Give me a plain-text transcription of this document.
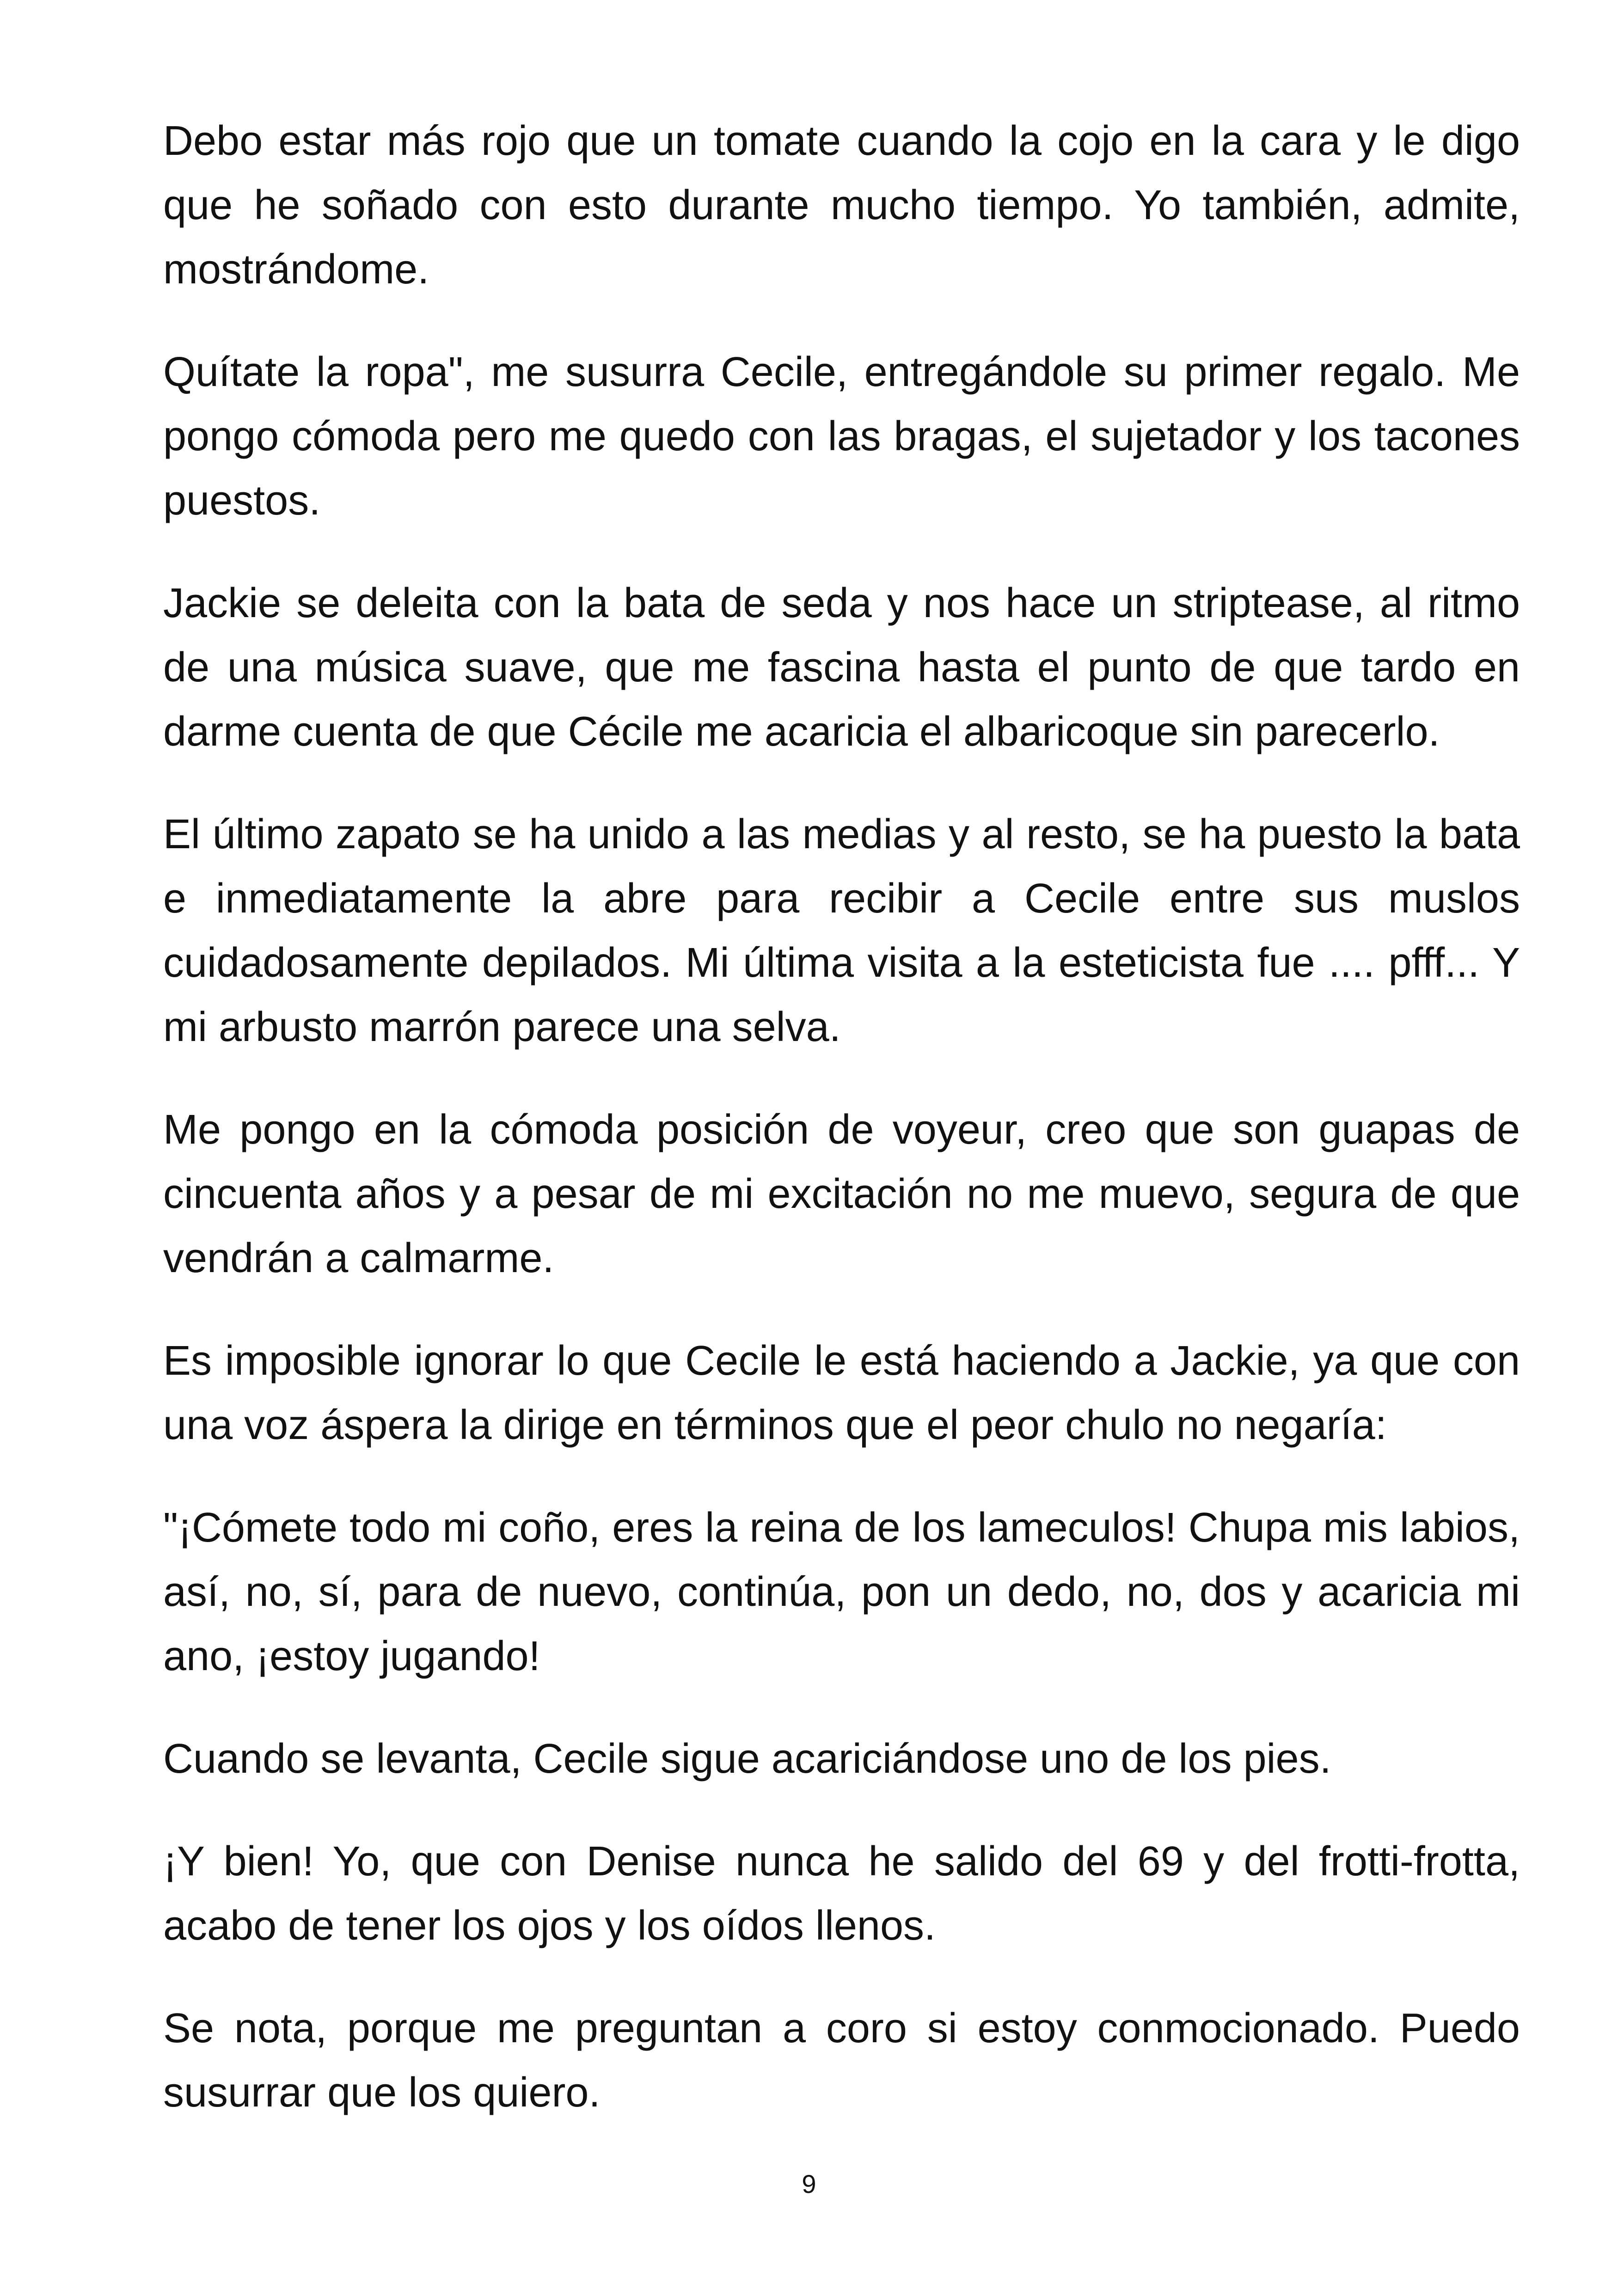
Debo estar más rojo que un tomate cuando la cojo en la cara y le digo que he soñado con esto durante mucho tiempo. Yo también, admite, mostrándome.

Quítate la ropa", me susurra Cecile, entregándole su primer regalo. Me pongo cómoda pero me quedo con las bragas, el sujetador y los tacones puestos.

Jackie se deleita con la bata de seda y nos hace un striptease, al ritmo de una música suave, que me fascina hasta el punto de que tardo en darme cuenta de que Cécile me acaricia el albaricoque sin parecerlo.

El último zapato se ha unido a las medias y al resto, se ha puesto la bata e inmediatamente la abre para recibir a Cecile entre sus muslos cuidadosamente depilados. Mi última visita a la esteticista fue .... pfff... Y mi arbusto marrón parece una selva.

Me pongo en la cómoda posición de voyeur, creo que son guapas de cincuenta años y a pesar de mi excitación no me muevo, segura de que vendrán a calmarme.

Es imposible ignorar lo que Cecile le está haciendo a Jackie, ya que con una voz áspera la dirige en términos que el peor chulo no negaría:

"¡Cómete todo mi coño, eres la reina de los lameculos! Chupa mis labios, así, no, sí, para de nuevo, continúa, pon un dedo, no, dos y acaricia mi ano, ¡estoy jugando!

Cuando se levanta, Cecile sigue acariciándose uno de los pies.

¡Y bien! Yo, que con Denise nunca he salido del 69 y del frotti-frotta, acabo de tener los ojos y los oídos llenos.

Se nota, porque me preguntan a coro si estoy conmocionado. Puedo susurrar que los quiero.

9
